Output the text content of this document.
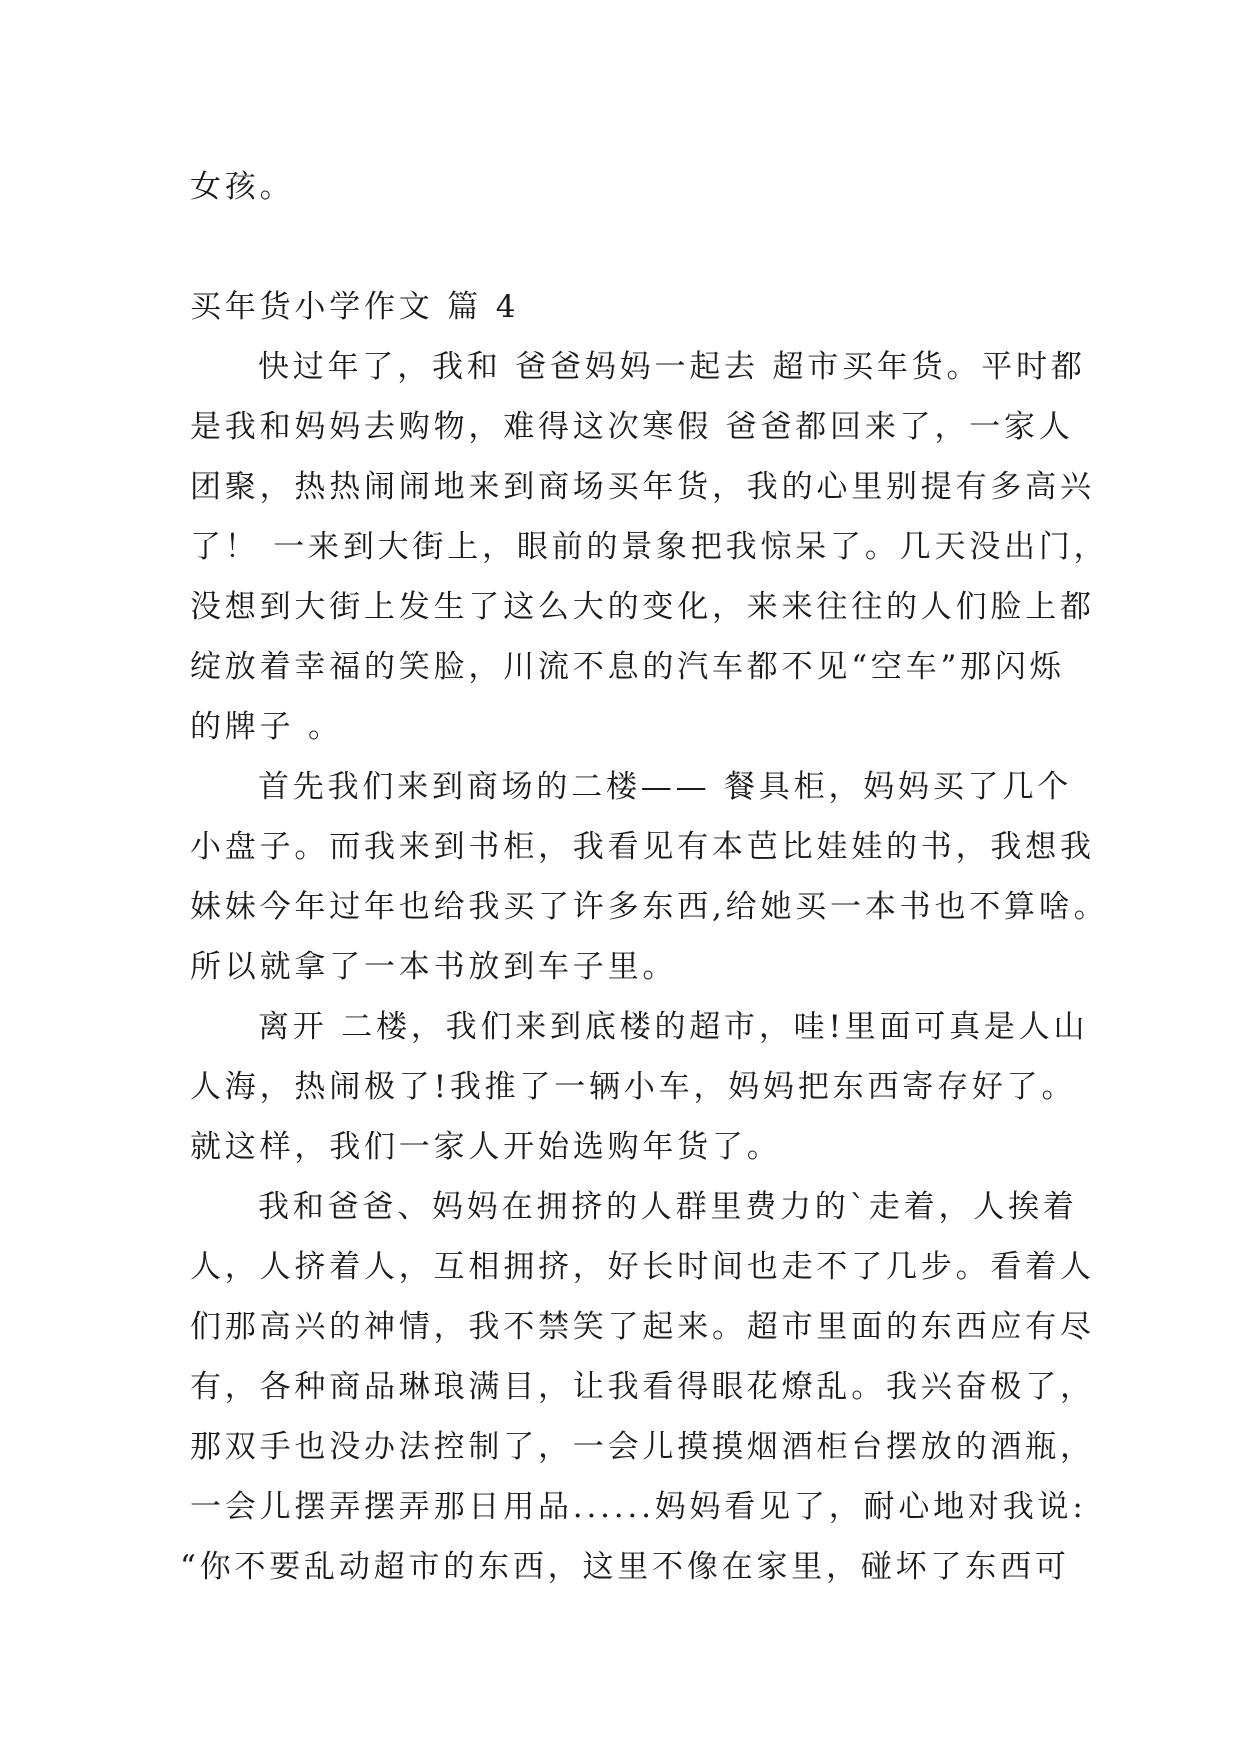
女孩。
买年货小学作文 篇 4
快过年了，我和 爸爸妈妈一起去 超市买年货。平时都
是我和妈妈去购物，难得这次寒假 爸爸都回来了，一家人
团聚，热热闹闹地来到商场买年货，我的心里别提有多高兴
了！ 一来到大街上，眼前的景象把我惊呆了。几天没出门，
没想到大街上发生了这么大的变化，来来往往的人们脸上都
绽放着幸福的笑脸，川流不息的汽车都不见“空车”那闪烁
的牌子 。
首先我们来到商场的二楼—— 餐具柜，妈妈买了几个
小盘子。而我来到书柜，我看见有本芭比娃娃的书，我想我
妹妹今年过年也给我买了许多东西,给她买一本书也不算啥。
所以就拿了一本书放到车子里。
离开 二楼，我们来到底楼的超市，哇!里面可真是人山
人海，热闹极了!我推了一辆小车，妈妈把东西寄存好了。
就这样，我们一家人开始选购年货了。
我和爸爸、妈妈在拥挤的人群里费力的`走着，人挨着
人，人挤着人，互相拥挤，好长时间也走不了几步。看着人
们那高兴的神情，我不禁笑了起来。超市里面的东西应有尽
有，各种商品琳琅满目，让我看得眼花燎乱。我兴奋极了，
那双手也没办法控制了，一会儿摸摸烟酒柜台摆放的酒瓶，
一会儿摆弄摆弄那日用品......妈妈看见了，耐心地对我说:
“你不要乱动超市的东西，这里不像在家里，碰坏了东西可
